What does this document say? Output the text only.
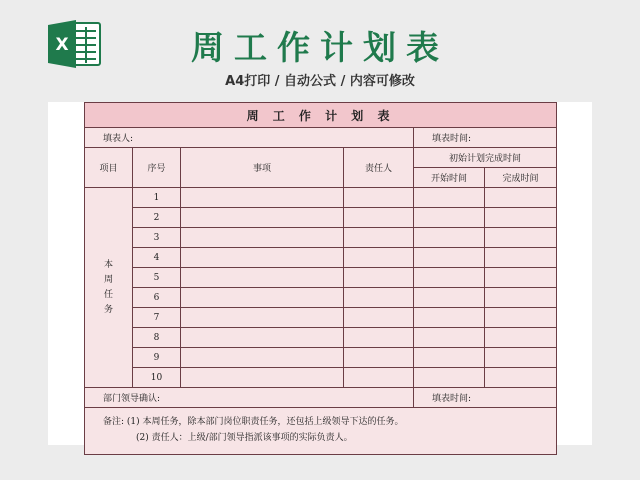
X	周工作计划表
A4打印 / 自动公式 / 内容可修改
周 工 作 计 划 表					
填表人:				填表时间:	
项目	序号	事项	责任人	初始计划完成时间	
				开始时间	完成时间
本周任务	1				
	2				
	3				
	4				
	5				
	6				
	7				
	8				
	9				
	10				
部门领导确认:				填表时间:	

备注: (1) 本周任务，除本部门岗位职责任务，还包括上级领导下达的任务。
(2) 责任人：上级/部门领导指派该事项的实际负责人。					
